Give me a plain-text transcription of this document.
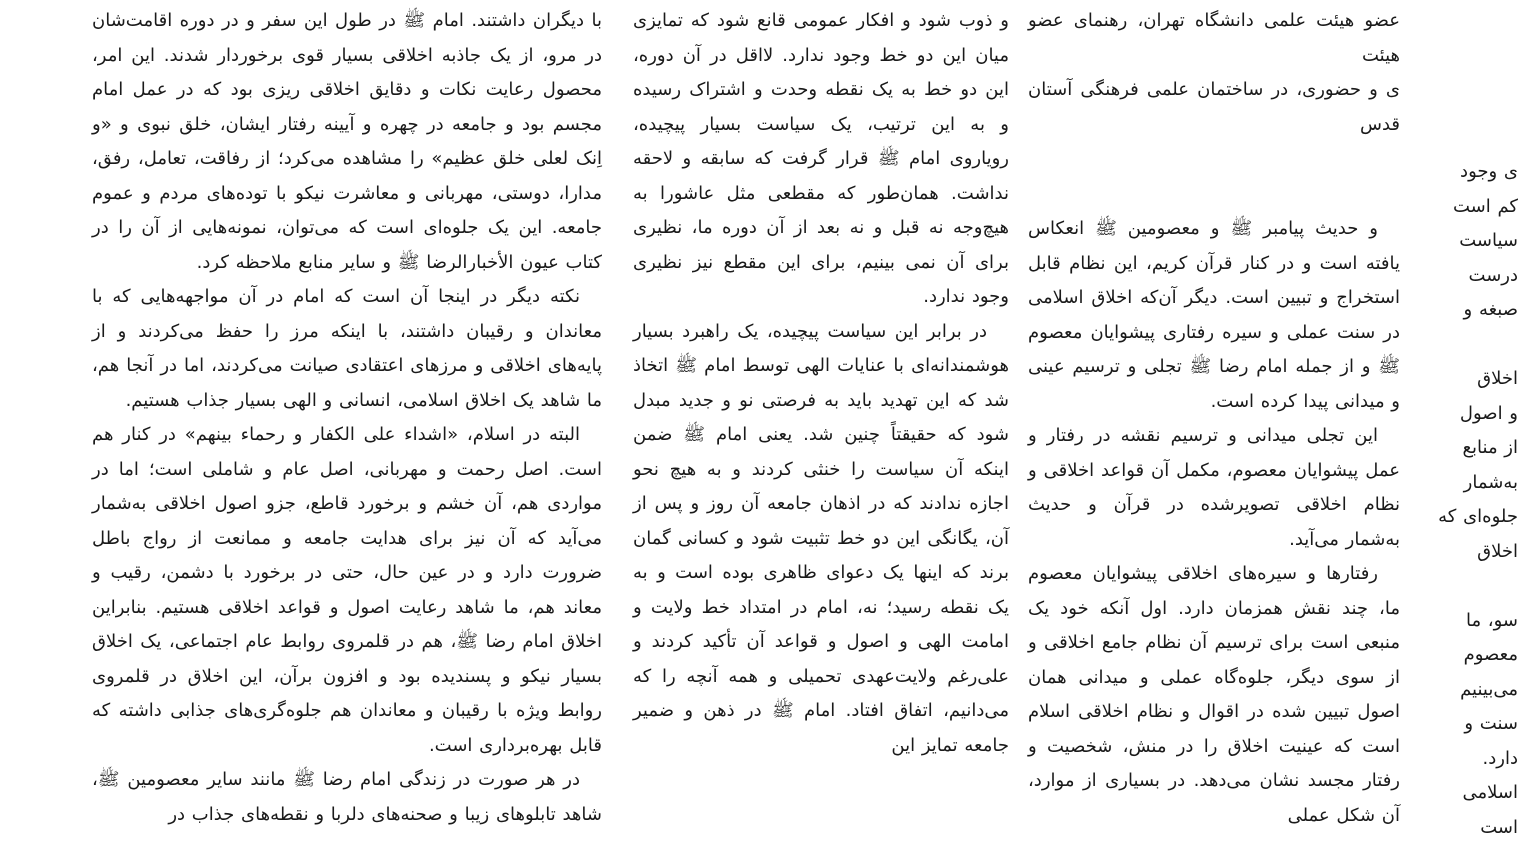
ی وجود

کم است

سیاست

درست

صبغه و

اخلاق

و اصول

از منابع

به‌شمار

جلوه‌ای که

اخلاق

سو، ما

معصوم

می‌بینیم

سنت و

دارد.

اسلامی

است

عضو هیئت علمی دانشگاه تهران، رهنمای عضو هیئت

ی و حضوری، در ساختمان علمی فرهنگی آستان قدس

و حدیث پیامبر ﷺ و معصومین ﷺ انعکاس یافته است و در کنار قرآن کریم، این نظام قابل استخراج و تبیین است. دیگر آن‌که اخلاق اسلامی در سنت عملی و سیره رفتاری پیشوایان معصوم ﷺ و از جمله امام رضا ﷺ تجلی و ترسیم عینی و میدانی پیدا کرده است.

این تجلی میدانی و ترسیم نقشه در رفتار و عمل پیشوایان معصوم، مکمل آن قواعد اخلاقی و نظام اخلاقی تصویرشده در قرآن و حدیث به‌شمار می‌آید.

رفتارها و سیره‌های اخلاقی پیشوایان معصوم ما، چند نقش همزمان دارد. اول آنکه خود یک منبعی است برای ترسیم آن نظام جامع اخلاقی و از سوی دیگر، جلوه‌گاه عملی و میدانی همان اصول تبیین شده در اقوال و نظام اخلاقی اسلام است که عینیت اخلاق را در منش، شخصیت و رفتار مجسد نشان می‌دهد. در بسیاری از موارد، آن شکل عملی

و ذوب شود و افکار عمومی قانع شود که تمایزی میان این دو خط وجود ندارد. لااقل در آن دوره، این دو خط به یک نقطه وحدت و اشتراک رسیده و به این ترتیب، یک سیاست بسیار پیچیده، رویاروی امام ﷺ قرار گرفت که سابقه و لاحقه نداشت. همان‌طور که مقطعی مثل عاشورا به هیچ‌وجه نه قبل و نه بعد از آن دوره ما، نظیری برای آن نمی بینیم، برای این مقطع نیز نظیری وجود ندارد.

در برابر این سیاست پیچیده، یک راهبرد بسیار هوشمندانه‌ای با عنایات الهی توسط امام ﷺ اتخاذ شد که این تهدید باید به فرصتی نو و جدید مبدل شود که حقیقتاً چنین شد. یعنی امام ﷺ ضمن اینکه آن سیاست را خنثی کردند و به هیچ نحو اجازه ندادند که در اذهان جامعه آن روز و پس از آن، یگانگی این دو خط تثبیت شود و کسانی گمان برند که اینها یک دعوای ظاهری بوده است و به یک نقطه رسید؛ نه، امام در امتداد خط ولایت و امامت الهی و اصول و قواعد آن تأکید کردند و علی‌رغم ولایت‌عهدی تحمیلی و همه آنچه را که می‌دانیم، اتفاق افتاد. امام ﷺ در ذهن و ضمیر جامعه تمایز این

با دیگران داشتند. امام ﷺ در طول این سفر و در دوره اقامت‌شان در مرو، از یک جاذبه اخلاقی بسیار قوی برخوردار شدند. این امر، محصول رعایت نکات و دقایق اخلاقی ریزی بود که در عمل امام مجسم بود و جامعه در چهره و آیینه رفتار ایشان، خلق نبوی و «و اِنک لعلی خلق عظیم» را مشاهده می‌کرد؛ از رفاقت، تعامل، رفق، مدارا، دوستی، مهربانی و معاشرت نیکو با توده‌های مردم و عموم جامعه. این یک جلوه‌ای است که می‌توان، نمونه‌هایی از آن را در کتاب عیون الأخبارالرضا ﷺ و سایر منابع ملاحظه کرد.

نکته دیگر در اینجا آن است که امام در آن مواجهه‌هایی که با معاندان و رقیبان داشتند، با اینکه مرز را حفظ می‌کردند و از پایه‌های اخلاقی و مرزهای اعتقادی صیانت می‌کردند، اما در آنجا هم، ما شاهد یک اخلاق اسلامی، انسانی و الهی بسیار جذاب هستیم.

البته در اسلام، «اشداء علی الکفار و رحماء بینهم» در کنار هم است. اصل رحمت و مهربانی، اصل عام و شاملی است؛ اما در مواردی هم، آن خشم و برخورد قاطع، جزو اصول اخلاقی به‌شمار می‌آید که آن نیز برای هدایت جامعه و ممانعت از رواج باطل ضرورت دارد و در عین حال، حتی در برخورد با دشمن، رقیب و معاند هم، ما شاهد رعایت اصول و قواعد اخلاقی هستیم. بنابراین اخلاق امام رضا ﷺ، هم در قلمروی روابط عام اجتماعی، یک اخلاق بسیار نیکو و پسندیده بود و افزون برآن، این اخلاق در قلمروی روابط ویژه با رقیبان و معاندان هم جلوه‌گری‌های جذابی داشته که قابل بهره‌برداری است.

در هر صورت در زندگی امام رضا ﷺ مانند سایر معصومین ﷺ، شاهد تابلوهای زیبا و صحنه‌های دلربا و نقطه‌های جذاب در
